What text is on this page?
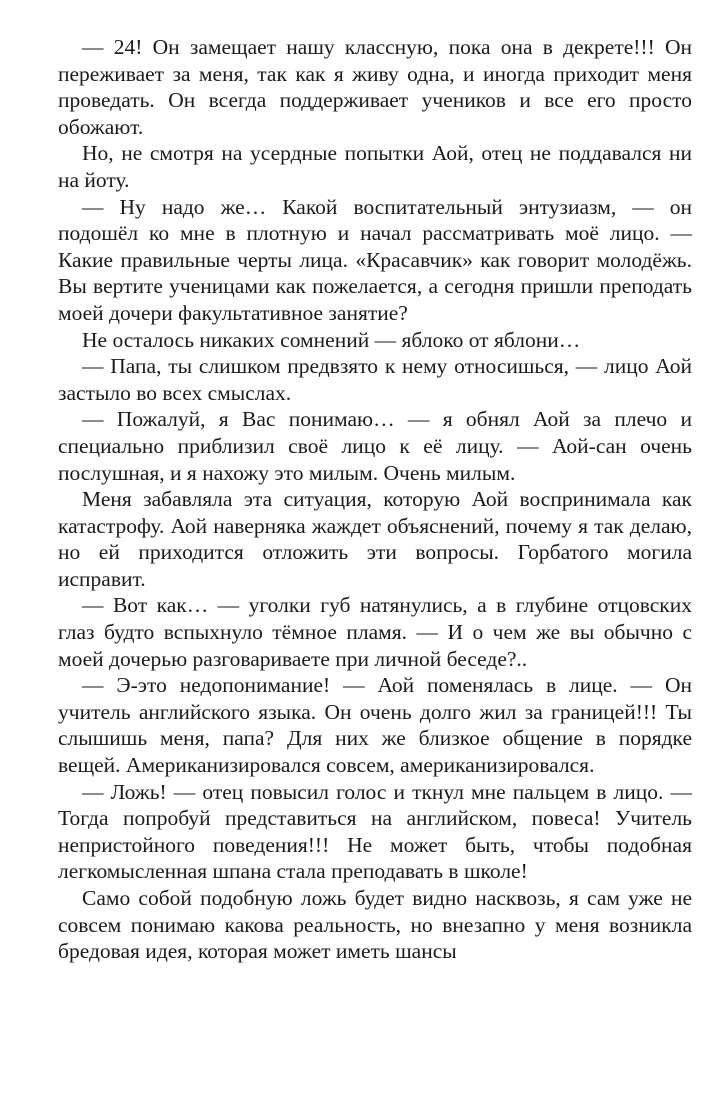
— 24! Он замещает нашу классную, пока она в декрете!!! Он переживает за меня, так как я живу одна, и иногда приходит меня проведать. Он всегда поддерживает учеников и все его просто обожают.

Но, не смотря на усердные попытки Аой, отец не поддавался ни на йоту.

— Ну надо же… Какой воспитательный энтузиазм, — он подошёл ко мне в плотную и начал рассматривать моё лицо. — Какие правильные черты лица. «Красавчик» как говорит молодёжь. Вы вертите ученицами как пожелается, а сегодня пришли преподать моей дочери факультативное занятие?

Не осталось никаких сомнений — яблоко от яблони…

— Папа, ты слишком предвзято к нему относишься, — лицо Аой застыло во всех смыслах.

— Пожалуй, я Вас понимаю… — я обнял Аой за плечо и специально приблизил своё лицо к её лицу. — Аой-сан очень послушная, и я нахожу это милым. Очень милым.

Меня забавляла эта ситуация, которую Аой воспринимала как катастрофу. Аой наверняка жаждет объяснений, почему я так делаю, но ей приходится отложить эти вопросы. Горбатого могила исправит.

— Вот как… — уголки губ натянулись, а в глубине отцовских глаз будто вспыхнуло тёмное пламя. — И о чем же вы обычно с моей дочерью разговариваете при личной беседе?..

— Э-это недопонимание! — Аой поменялась в лице. — Он учитель английского языка. Он очень долго жил за границей!!! Ты слышишь меня, папа? Для них же близкое общение в порядке вещей. Американизировался совсем, американизировался.

— Ложь! — отец повысил голос и ткнул мне пальцем в лицо. — Тогда попробуй представиться на английском, повеса! Учитель непристойного поведения!!! Не может быть, чтобы подобная легкомысленная шпана стала преподавать в школе!

Само собой подобную ложь будет видно насквозь, я сам уже не совсем понимаю какова реальность, но внезапно у меня возникла бредовая идея, которая может иметь шансы
